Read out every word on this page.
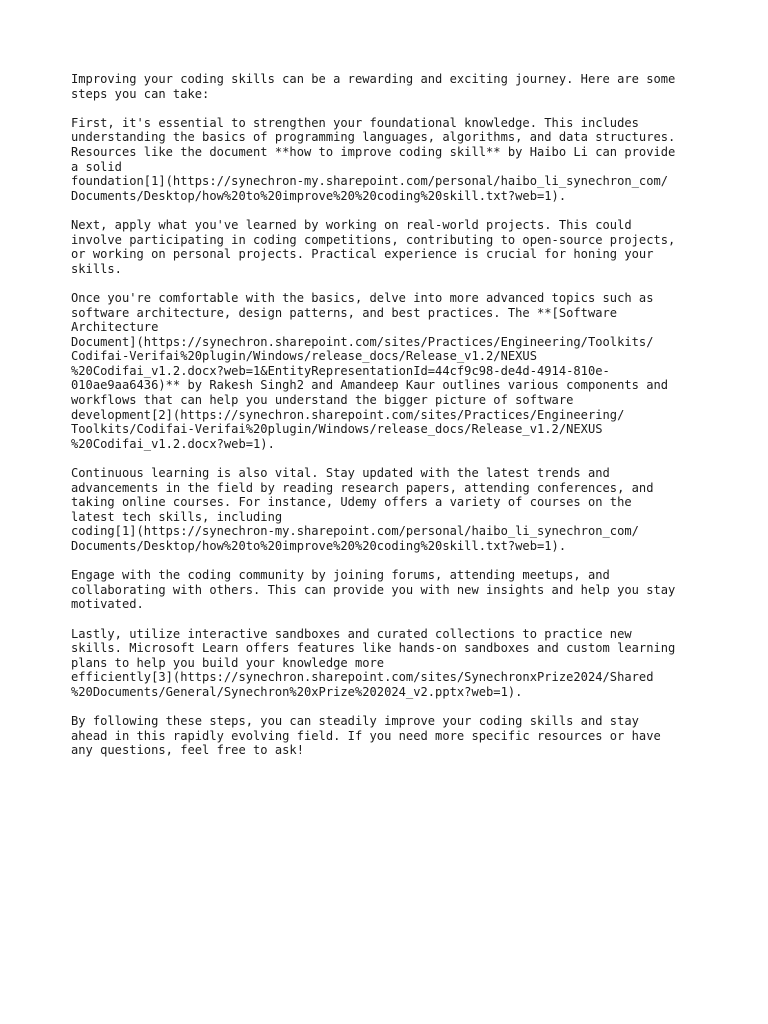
Improving your coding skills can be a rewarding and exciting journey. Here are some
steps you can take:

First, it's essential to strengthen your foundational knowledge. This includes
understanding the basics of programming languages, algorithms, and data structures.
Resources like the document **how to improve coding skill** by Haibo Li can provide
a solid
foundation[1](https://synechron-my.sharepoint.com/personal/haibo_li_synechron_com/
Documents/Desktop/how%20to%20improve%20%20coding%20skill.txt?web=1).

Next, apply what you've learned by working on real-world projects. This could
involve participating in coding competitions, contributing to open-source projects,
or working on personal projects. Practical experience is crucial for honing your
skills.

Once you're comfortable with the basics, delve into more advanced topics such as
software architecture, design patterns, and best practices. The **[Software
Architecture
Document](https://synechron.sharepoint.com/sites/Practices/Engineering/Toolkits/
Codifai-Verifai%20plugin/Windows/release_docs/Release_v1.2/NEXUS
%20Codifai_v1.2.docx?web=1&EntityRepresentationId=44cf9c98-de4d-4914-810e-
010ae9aa6436)** by Rakesh Singh2 and Amandeep Kaur outlines various components and
workflows that can help you understand the bigger picture of software
development[2](https://synechron.sharepoint.com/sites/Practices/Engineering/
Toolkits/Codifai-Verifai%20plugin/Windows/release_docs/Release_v1.2/NEXUS
%20Codifai_v1.2.docx?web=1).

Continuous learning is also vital. Stay updated with the latest trends and
advancements in the field by reading research papers, attending conferences, and
taking online courses. For instance, Udemy offers a variety of courses on the
latest tech skills, including
coding[1](https://synechron-my.sharepoint.com/personal/haibo_li_synechron_com/
Documents/Desktop/how%20to%20improve%20%20coding%20skill.txt?web=1).

Engage with the coding community by joining forums, attending meetups, and
collaborating with others. This can provide you with new insights and help you stay
motivated.

Lastly, utilize interactive sandboxes and curated collections to practice new
skills. Microsoft Learn offers features like hands-on sandboxes and custom learning
plans to help you build your knowledge more
efficiently[3](https://synechron.sharepoint.com/sites/SynechronxPrize2024/Shared
%20Documents/General/Synechron%20xPrize%202024_v2.pptx?web=1).

By following these steps, you can steadily improve your coding skills and stay
ahead in this rapidly evolving field. If you need more specific resources or have
any questions, feel free to ask!
